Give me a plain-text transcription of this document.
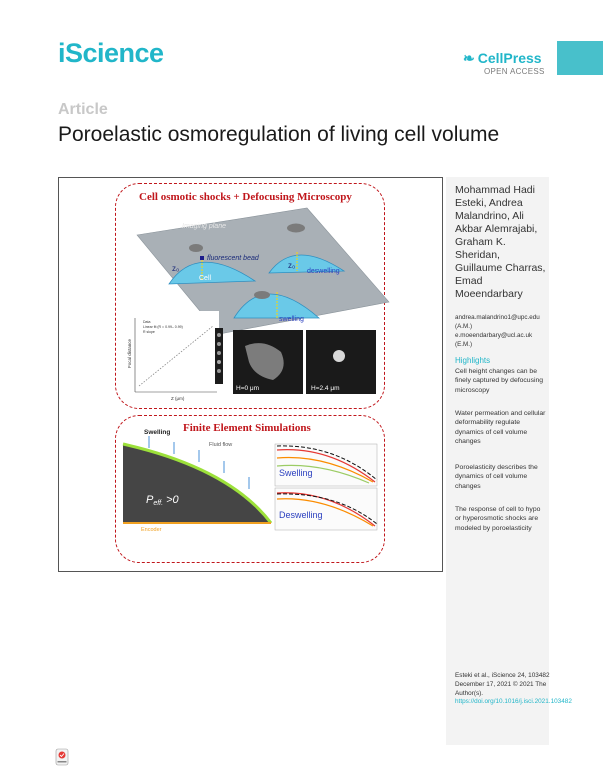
iScience	❧ CellPress
OPEN ACCESS
Article
Poroelastic osmoregulation of living cell volume
Cell osmotic shocks + Defocusing Microscopy
Imaging plane
fluorescent bead
z₀	z₀
Cell
deswelling
swelling
Data
Linear fit (R = 0.99– 0.99)
R slope
Focal distance
Z (μm)
H=0 μm	H=2.4 μm
Swelling
Fluid flow
Peff. >0
Encoder
Swelling
Deswelling
Finite Element Simulations
Mohammad Hadi Esteki, Andrea Malandrino, Ali Akbar Alemrajabi, Graham K. Sheridan, Guillaume Charras, Emad Moeendarbary
andrea.malandrino1@upc.edu
(A.M.)
e.moeendarbary@ucl.ac.uk
(E.M.)
Highlights
Cell height changes can be finely captured by defocusing microscopy
Water permeation and cellular deformability regulate dynamics of cell volume changes
Poroelasticity describes the dynamics of cell volume changes
The response of cell to hypo or hyperosmotic shocks are modeled by poroelasticity
Esteki et al., iScience 24, 103482
December 17, 2021 © 2021 The Author(s).
https://doi.org/10.1016/j.isci.2021.103482
